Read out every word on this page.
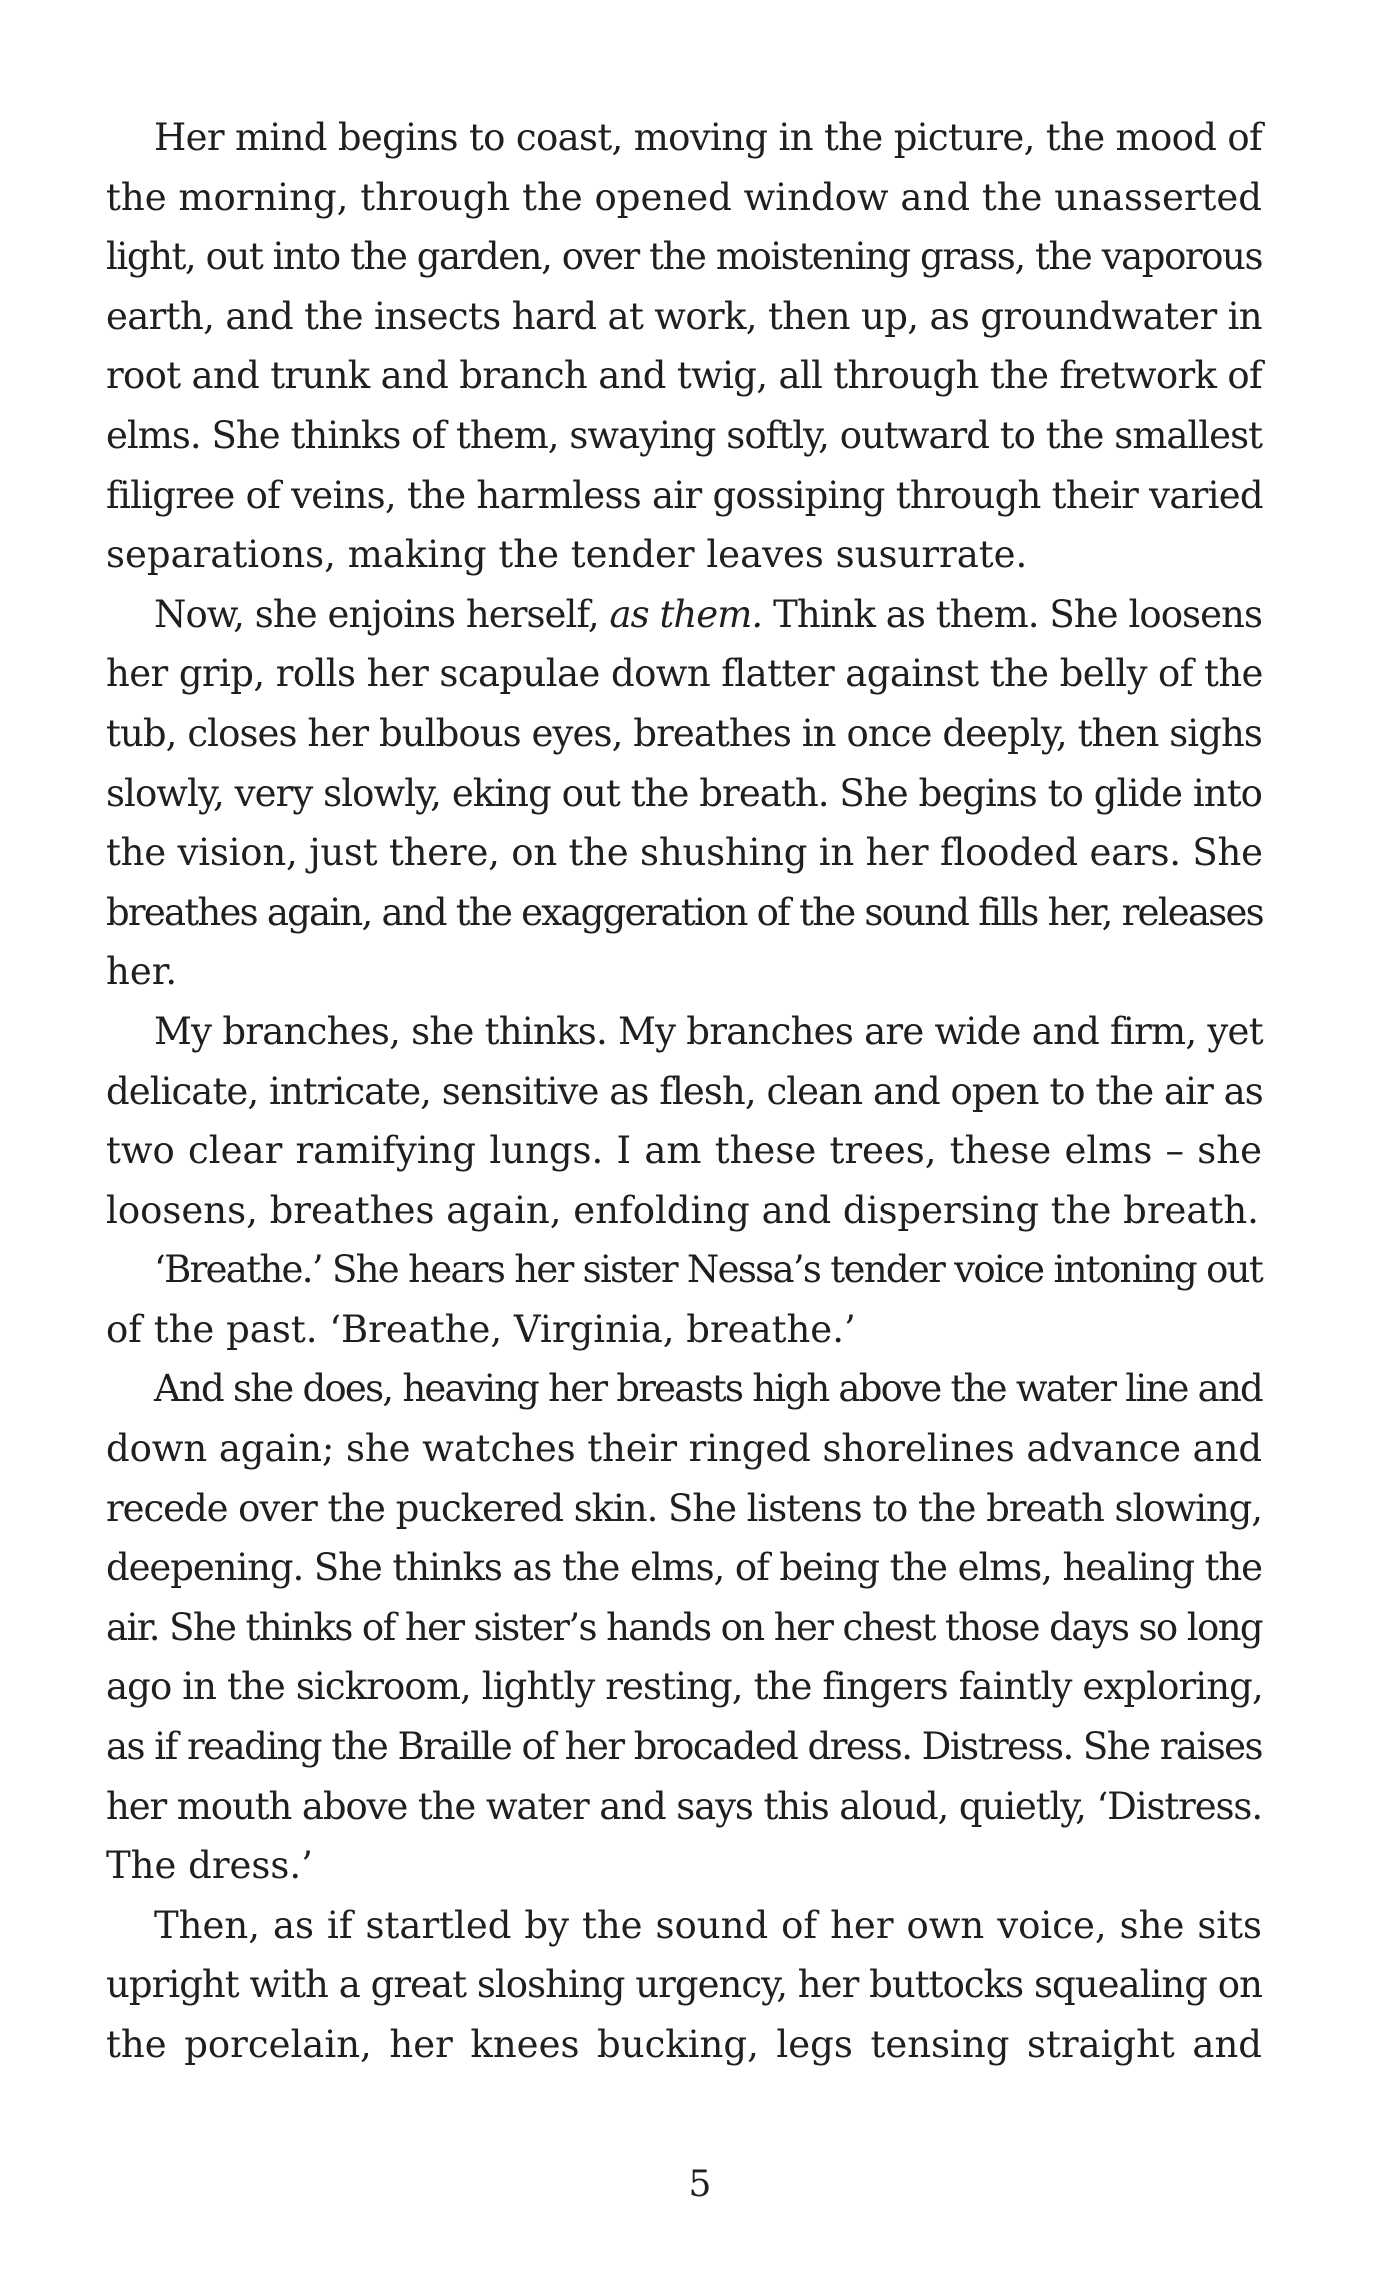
Her mind begins to coast, moving in the picture, the mood of
the morning, through the opened window and the unasserted
light, out into the garden, over the moistening grass, the vaporous
earth, and the insects hard at work, then up, as groundwater in
root and trunk and branch and twig, all through the fretwork of
elms. She thinks of them, swaying softly, outward to the smallest
filigree of veins, the harmless air gossiping through their varied
separations, making the tender leaves susurrate.
Now, she enjoins herself, as them. Think as them. She loosens
her grip, rolls her scapulae down flatter against the belly of the
tub, closes her bulbous eyes, breathes in once deeply, then sighs
slowly, very slowly, eking out the breath. She begins to glide into
the vision, just there, on the shushing in her flooded ears. She
breathes again, and the exaggeration of the sound fills her, releases
her.
My branches, she thinks. My branches are wide and firm, yet
delicate, intricate, sensitive as flesh, clean and open to the air as
two clear ramifying lungs. I am these trees, these elms – she
loosens, breathes again, enfolding and dispersing the breath.
‘Breathe.’ She hears her sister Nessa’s tender voice intoning out
of the past. ‘Breathe, Virginia, breathe.’
And she does, heaving her breasts high above the water line and
down again; she watches their ringed shorelines advance and
recede over the puckered skin. She listens to the breath slowing,
deepening. She thinks as the elms, of being the elms, healing the
air. She thinks of her sister’s hands on her chest those days so long
ago in the sickroom, lightly resting, the fingers faintly exploring,
as if reading the Braille of her brocaded dress. Distress. She raises
her mouth above the water and says this aloud, quietly, ‘Distress.
The dress.’
Then, as if startled by the sound of her own voice, she sits
upright with a great sloshing urgency, her buttocks squealing on
the porcelain, her knees bucking, legs tensing straight and
5
